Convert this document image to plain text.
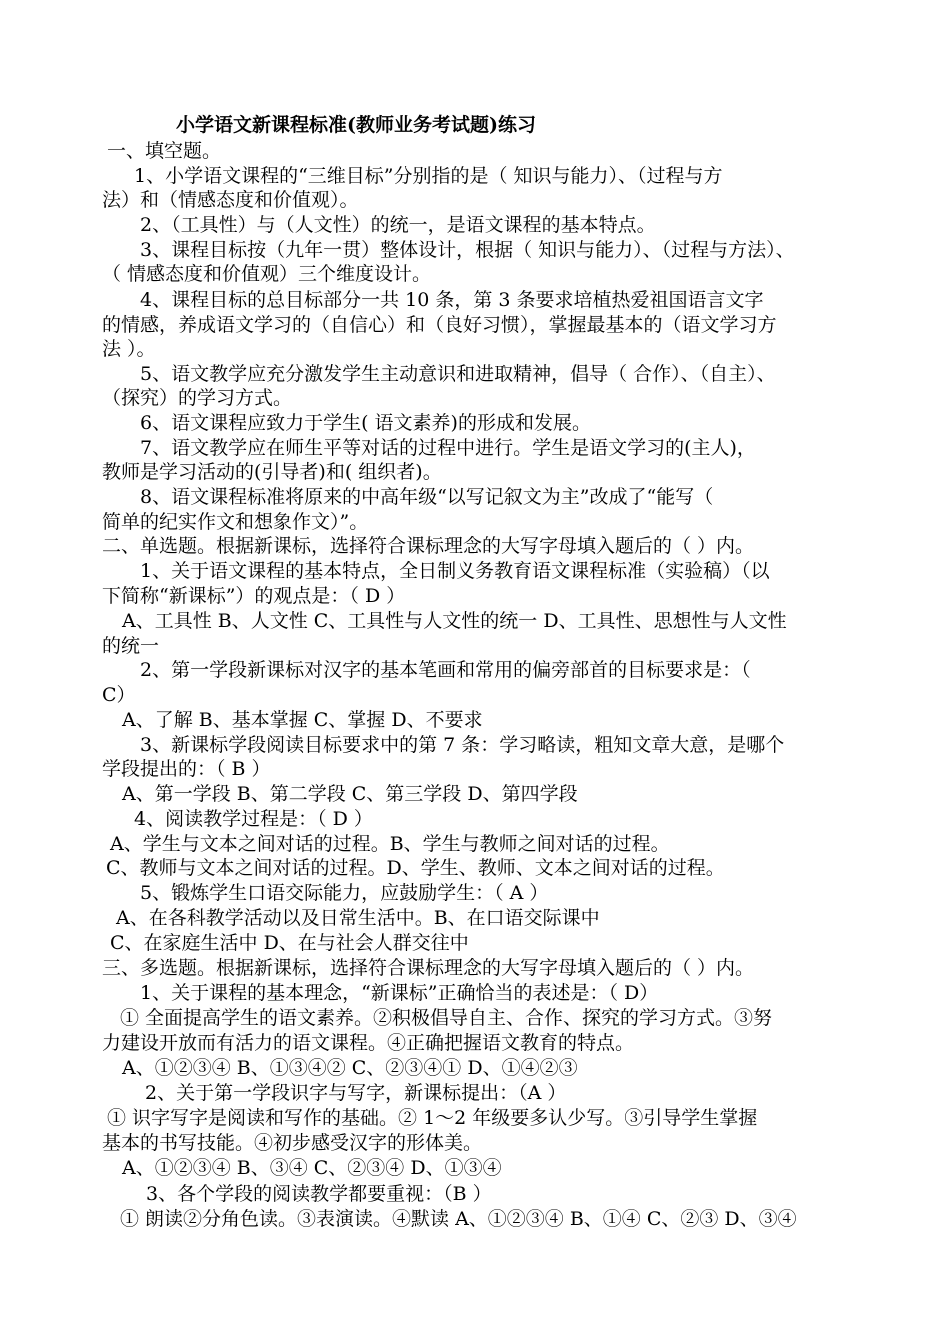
小学语文新课程标准(教师业务考试题)练习
一、填空题。
1、小学语文课程的“三维目标”分别指的是（ 知识与能力）、（过程与方
法）和（情感态度和价值观）。
2、（工具性）与（人文性）的统一，是语文课程的基本特点。
3、课程目标按（九年一贯）整体设计，根据（ 知识与能力）、（过程与方法）、
（ 情感态度和价值观）三个维度设计。
4、课程目标的总目标部分一共 10 条，第 3 条要求培植热爱祖国语言文字
的情感，养成语文学习的（自信心）和（良好习惯），掌握最基本的（语文学习方
法 ）。
5、语文教学应充分激发学生主动意识和进取精神，倡导（ 合作）、（自主）、
（探究）的学习方式。
6、语文课程应致力于学生( 语文素养)的形成和发展。
7、语文教学应在师生平等对话的过程中进行。学生是语文学习的(主人)，
教师是学习活动的(引导者)和( 组织者)。
8、语文课程标准将原来的中高年级“以写记叙文为主”改成了“能写（
简单的纪实作文和想象作文）”。
二、单选题。根据新课标，选择符合课标理念的大写字母填入题后的（ ）内。
1、关于语文课程的基本特点，全日制义务教育语文课程标准（实验稿）（以
下简称“新课标”）的观点是：（ D ）
A、工具性 B、人文性 C、工具性与人文性的统一 D、工具性、思想性与人文性
的统一
2、第一学段新课标对汉字的基本笔画和常用的偏旁部首的目标要求是：（
C）
A、了解 B、基本掌握 C、掌握 D、不要求
3、新课标学段阅读目标要求中的第 7 条：学习略读，粗知文章大意，是哪个
学段提出的：（ B ）
A、第一学段 B、第二学段 C、第三学段 D、第四学段
4、阅读教学过程是：（ D ）
A、学生与文本之间对话的过程。B、学生与教师之间对话的过程。
C、教师与文本之间对话的过程。D、学生、教师、文本之间对话的过程。
5、锻炼学生口语交际能力，应鼓励学生：（ A ）
A、在各科教学活动以及日常生活中。B、在口语交际课中
C、在家庭生活中 D、在与社会人群交往中
三、多选题。根据新课标，选择符合课标理念的大写字母填入题后的（ ）内。
1、关于课程的基本理念，“新课标”正确恰当的表述是：（ D）
① 全面提高学生的语文素养。②积极倡导自主、合作、探究的学习方式。③努
力建设开放而有活力的语文课程。④正确把握语文教育的特点。
A、①②③④ B、①③④② C、②③④① D、①④②③
2、关于第一学段识字与写字，新课标提出：（A ）
① 识字写字是阅读和写作的基础。② 1～2 年级要多认少写。③引导学生掌握
基本的书写技能。④初步感受汉字的形体美。
A、①②③④ B、③④ C、②③④ D、①③④
3、各个学段的阅读教学都要重视：（B ）
① 朗读②分角色读。③表演读。④默读 A、①②③④ B、①④ C、②③ D、③④
